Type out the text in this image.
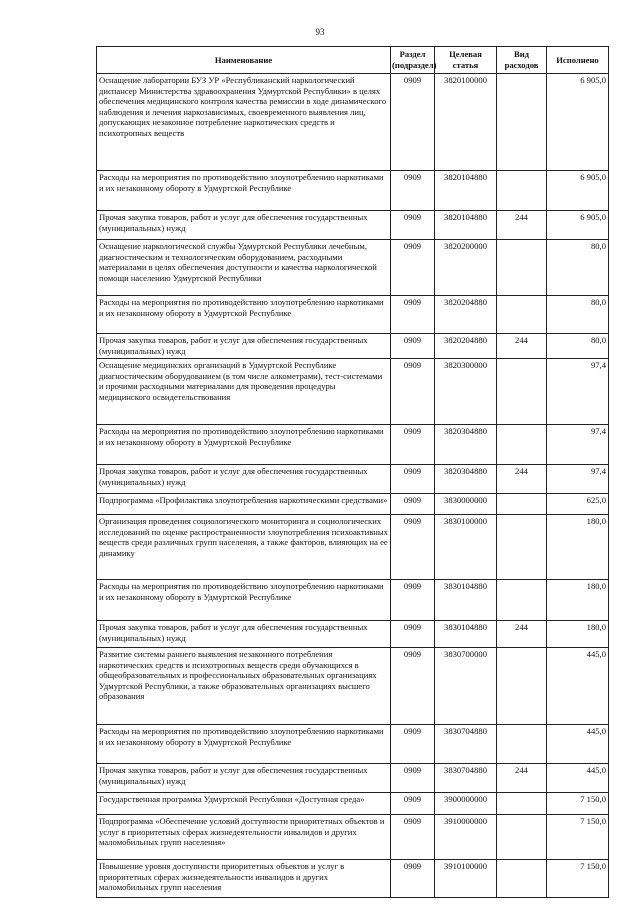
93
Наименование	Раздел (подраздел)	Целевая статья	Вид расходов	Исполнено
Оснащение лаборатории БУЗ УР «Республиканский наркологический диспансер Министерства здравоохранения Удмуртской Республики» в целях обеспечения медицинского контроля качества ремиссии в ходе динамического наблюдения и лечения наркозависимых, своевременного выявления лиц, допускающих незаконное потребление наркотических средств и психотропных веществ	0909	3820100000		6 905,0
Расходы на мероприятия по противодействию злоупотреблению наркотиками и их незаконному обороту в Удмуртской Республике	0909	3820104880		6 905,0
Прочая закупка товаров, работ и услуг для обеспечения государственных (муниципальных) нужд	0909	3820104880	244	6 905,0
Оснащение наркологической службы Удмуртской Республики лечебным, диагностическим и технологическим оборудованием, расходными материалами в целях обеспечения доступности и качества наркологической помощи населению Удмуртской Республики	0909	3820200000		80,0
Расходы на мероприятия по противодействию злоупотреблению наркотиками и их незаконному обороту в Удмуртской Республике	0909	3820204880		80,0
Прочая закупка товаров, работ и услуг для обеспечения государственных (муниципальных) нужд	0909	3820204880	244	80,0
Оснащение медицинских организаций в Удмуртской Республике диагностическим оборудованием (в том числе алкометрами), тест-системами и прочими расходными материалами для проведения процедуры медицинского освидетельствования	0909	3820300000		97,4
Расходы на мероприятия по противодействию злоупотреблению наркотиками и их незаконному обороту в Удмуртской Республике	0909	3820304880		97,4
Прочая закупка товаров, работ и услуг для обеспечения государственных (муниципальных) нужд	0909	3820304880	244	97,4
Подпрограмма «Профилактика злоупотребления наркотическими средствами»	0909	3830000000		625,0
Организация проведения социологического мониторинга и социологических исследований по оценке распространенности злоупотребления психоактивных веществ среди различных групп населения, а также факторов, влияющих на ее динамику	0909	3830100000		180,0
Расходы на мероприятия по противодействию злоупотреблению наркотиками и их незаконному обороту в Удмуртской Республике	0909	3830104880		180,0
Прочая закупка товаров, работ и услуг для обеспечения государственных (муниципальных) нужд	0909	3830104880	244	180,0
Развитие системы раннего выявления незаконного потребления наркотических средств и психотропных веществ среди обучающихся в общеобразовательных и профессиональных образовательных организациях Удмуртской Республики, а также образовательных организациях высшего образования	0909	3830700000		445,0
Расходы на мероприятия по противодействию злоупотреблению наркотиками и их незаконному обороту в Удмуртской Республике	0909	3830704880		445,0
Прочая закупка товаров, работ и услуг для обеспечения государственных (муниципальных) нужд	0909	3830704880	244	445,0
Государственная программа Удмуртской Республики «Доступная среда»	0909	3900000000		7 150,0
Подпрограмма «Обеспечение условий доступности приоритетных объектов и услуг в приоритетных сферах жизнедеятельности инвалидов и других маломобильных групп населения»	0909	3910000000		7 150,0
Повышение уровня доступности приоритетных объектов и услуг в приоритетных сферах жизнедеятельности инвалидов и других маломобильных групп населения	0909	3910100000		7 150,0
